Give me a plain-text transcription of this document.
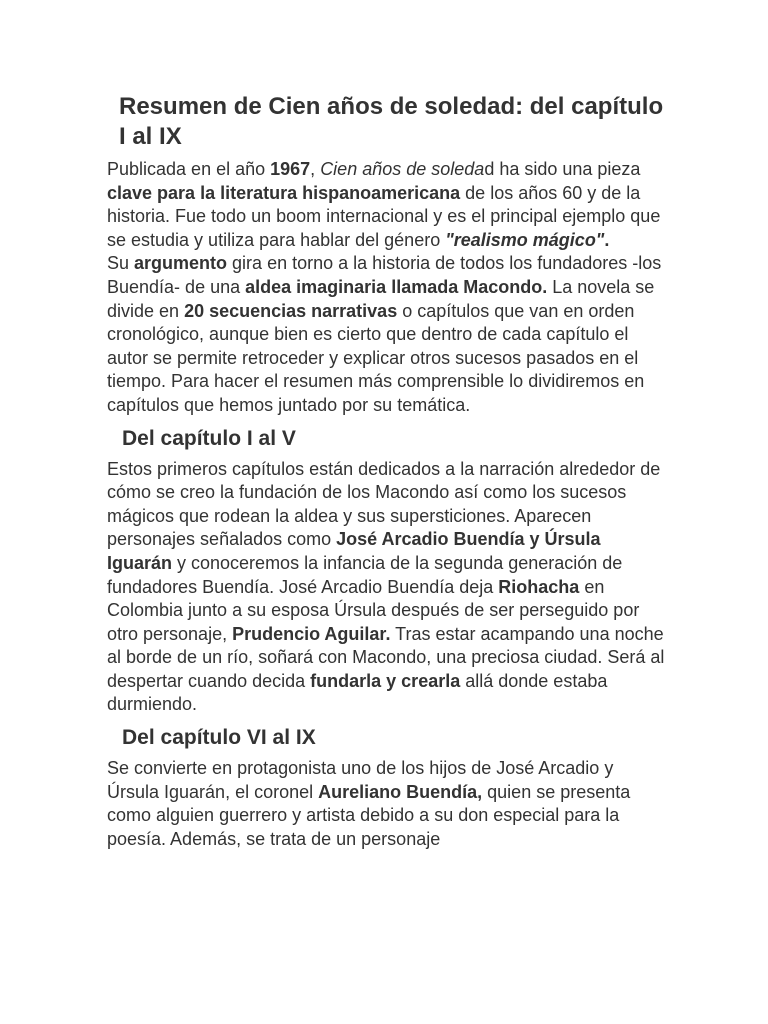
Resumen de Cien años de soledad: del capítulo I al IX

Publicada en el año 1967, Cien años de soledad ha sido una pieza clave para la literatura hispanoamericana de los años 60 y de la historia. Fue todo un boom internacional y es el principal ejemplo que se estudia y utiliza para hablar del género "realismo mágico".

Su argumento gira en torno a la historia de todos los fundadores -los Buendía- de una aldea imaginaria llamada Macondo. La novela se divide en 20 secuencias narrativas o capítulos que van en orden cronológico, aunque bien es cierto que dentro de cada capítulo el autor se permite retroceder y explicar otros sucesos pasados en el tiempo. Para hacer el resumen más comprensible lo dividiremos en capítulos que hemos juntado por su temática.

Del capítulo I al V

Estos primeros capítulos están dedicados a la narración alrededor de cómo se creo la fundación de los Macondo así como los sucesos mágicos que rodean la aldea y sus supersticiones. Aparecen personajes señalados como José Arcadio Buendía y Úrsula Iguarán y conoceremos la infancia de la segunda generación de fundadores Buendía. José Arcadio Buendía deja Riohacha en Colombia junto a su esposa Úrsula después de ser perseguido por otro personaje, Prudencio Aguilar. Tras estar acampando una noche al borde de un río, soñará con Macondo, una preciosa ciudad. Será al despertar cuando decida fundarla y crearla allá donde estaba durmiendo.

Del capítulo VI al IX

Se convierte en protagonista uno de los hijos de José Arcadio y Úrsula Iguarán, el coronel Aureliano Buendía, quien se presenta como alguien guerrero y artista debido a su don especial para la poesía. Además, se trata de un personaje
